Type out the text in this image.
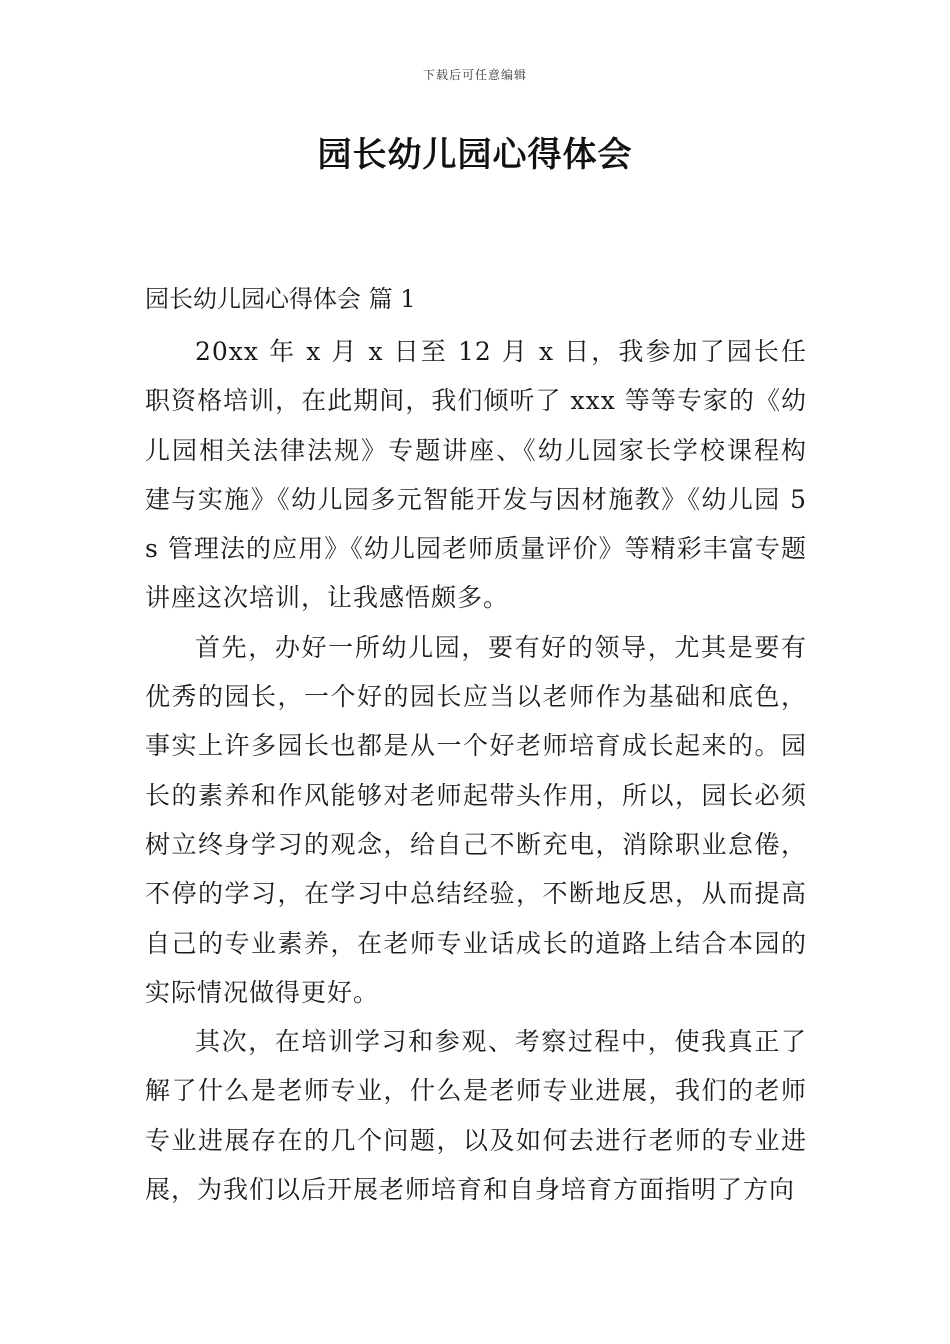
下载后可任意编辑
园长幼儿园心得体会
园长幼儿园心得体会 篇 1

20xx 年 x 月 x 日至 12 月 x 日，我参加了园长任职资格培训，在此期间，我们倾听了 xxx 等等专家的《幼儿园相关法律法规》专题讲座、《幼儿园家长学校课程构建与实施》《幼儿园多元智能开发与因材施教》《幼儿园 5s 管理法的应用》《幼儿园老师质量评价》等精彩丰富专题讲座这次培训，让我感悟颇多。

首先，办好一所幼儿园，要有好的领导，尤其是要有优秀的园长，一个好的园长应当以老师作为基础和底色，事实上许多园长也都是从一个好老师培育成长起来的。园长的素养和作风能够对老师起带头作用，所以，园长必须树立终身学习的观念，给自己不断充电，消除职业怠倦，不停的学习，在学习中总结经验，不断地反思，从而提高自己的专业素养，在老师专业话成长的道路上结合本园的实际情况做得更好。

其次，在培训学习和参观、考察过程中，使我真正了解了什么是老师专业，什么是老师专业进展，我们的老师专业进展存在的几个问题，以及如何去进行老师的专业进展，为我们以后开展老师培育和自身培育方面指明了方向
